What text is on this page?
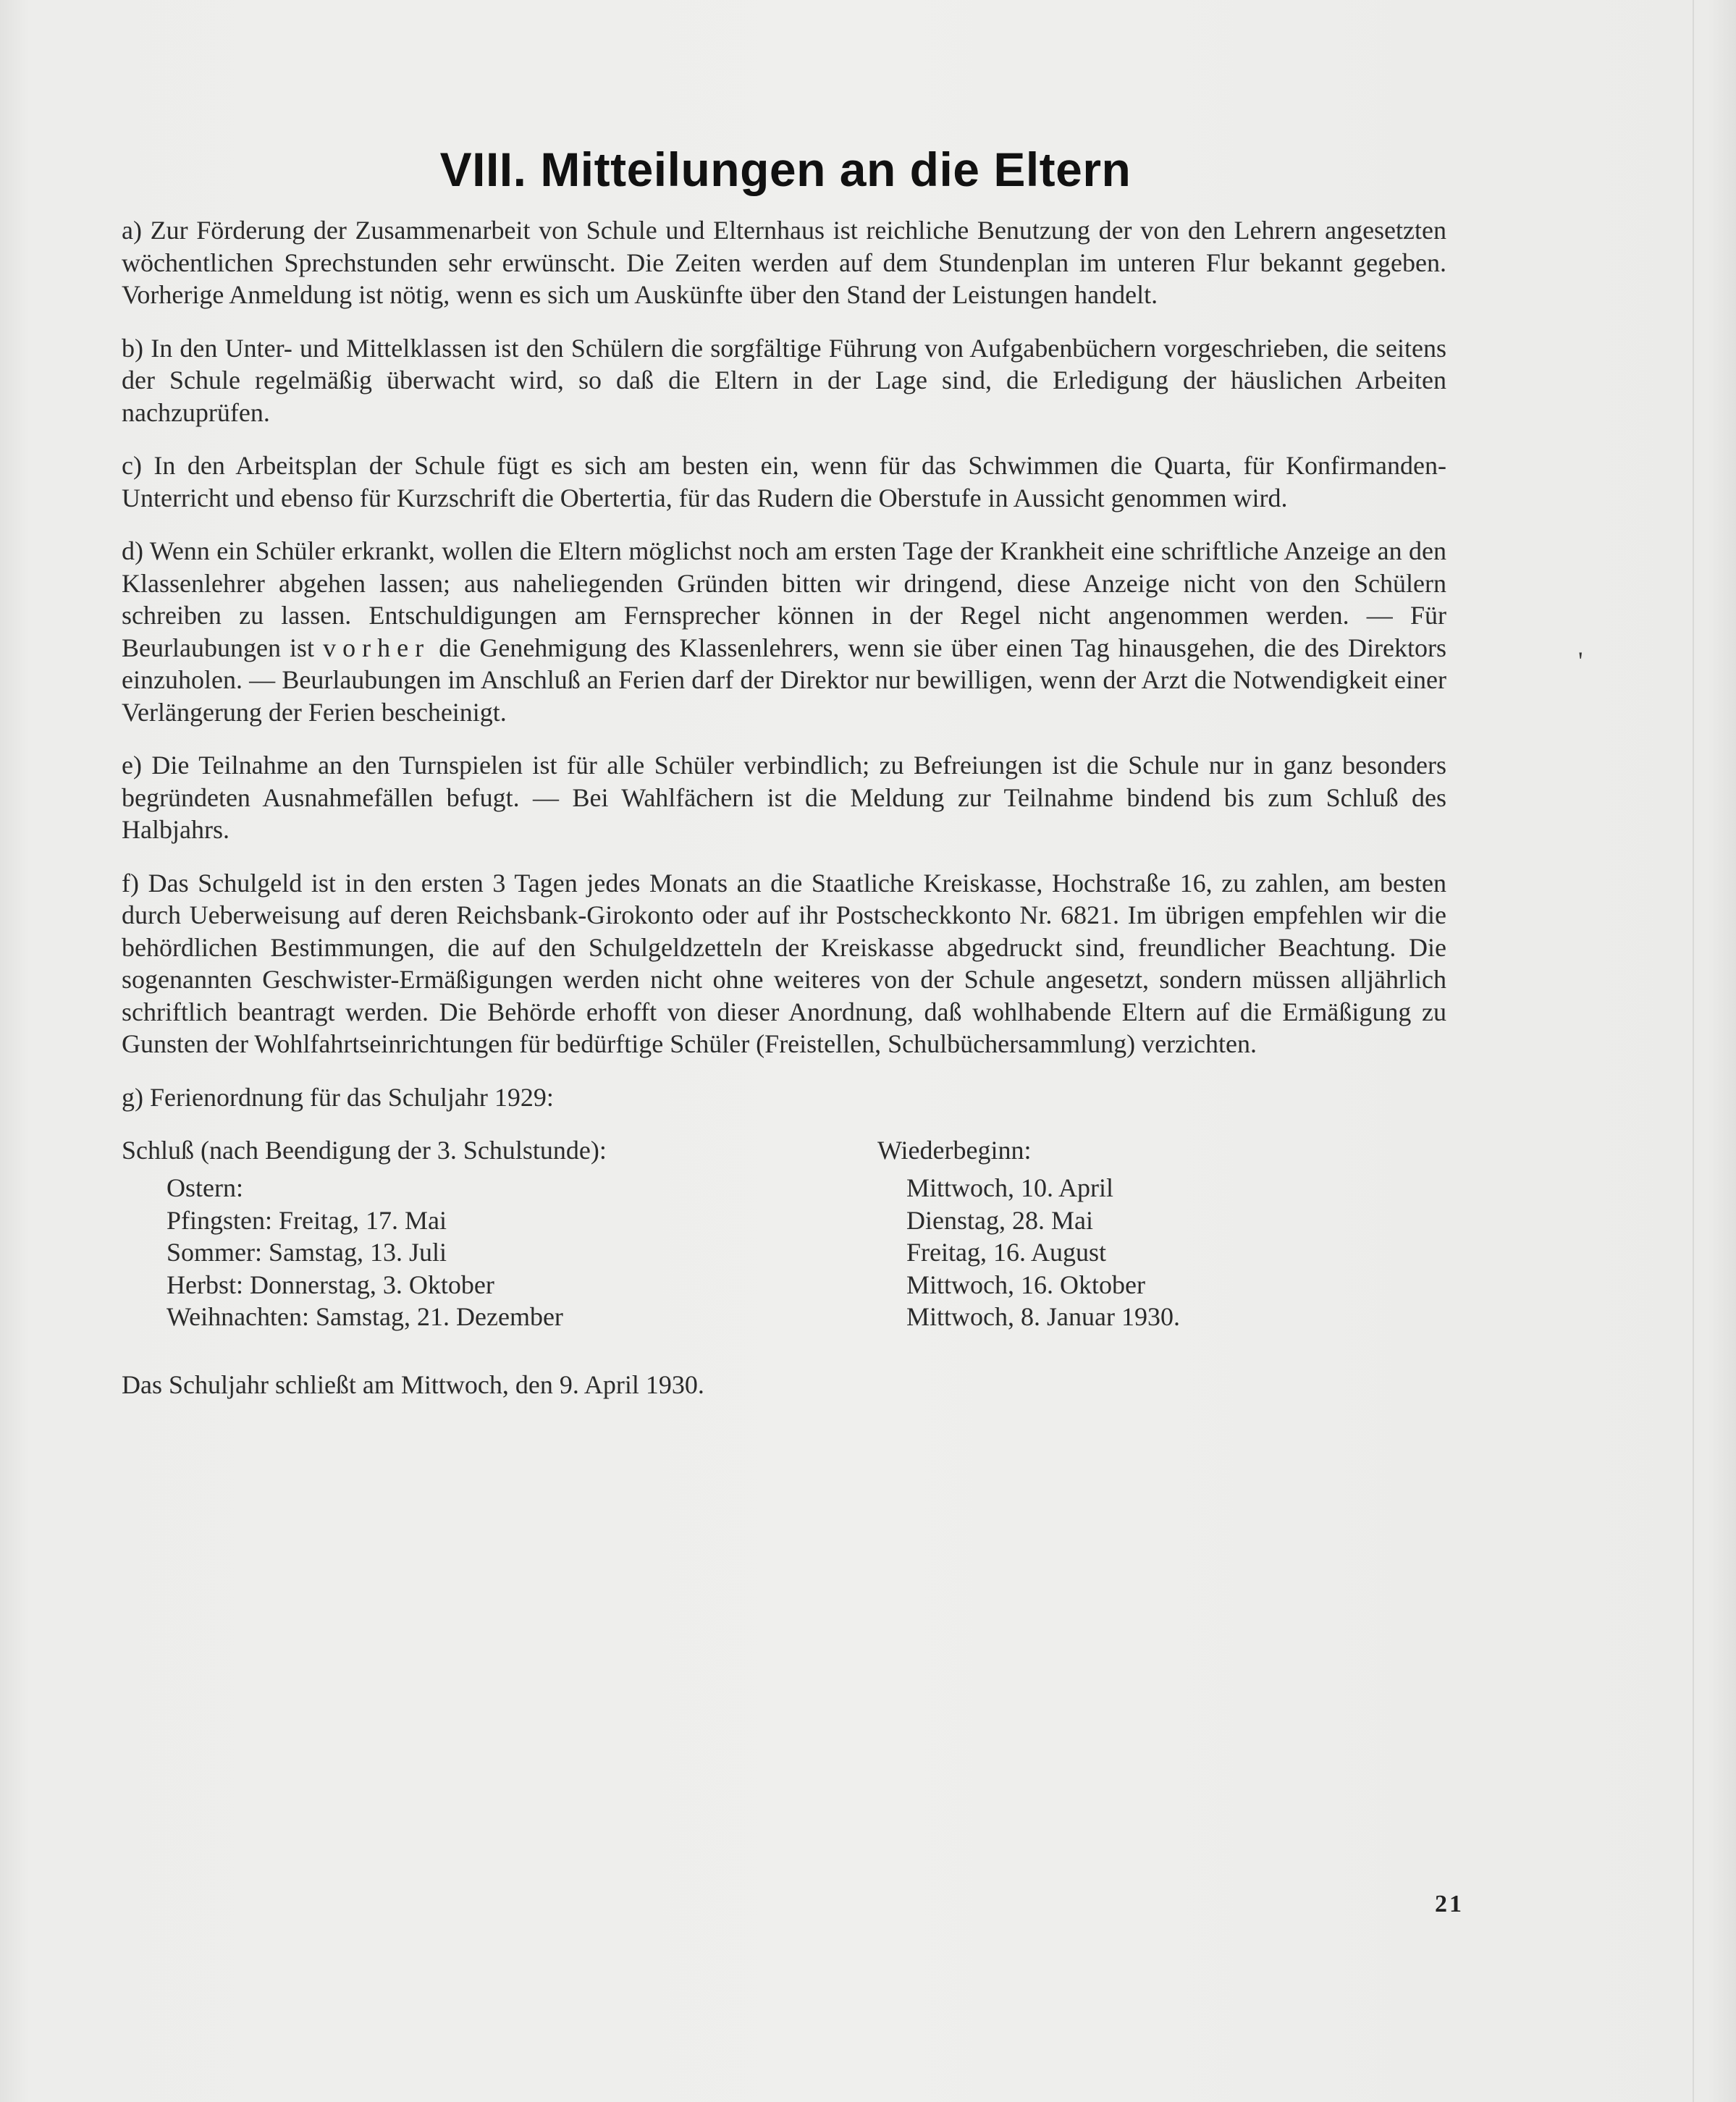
VIII. Mitteilungen an die Eltern

a) Zur Förderung der Zusammenarbeit von Schule und Elternhaus ist reichliche Benutzung der von den Lehrern angesetzten wöchentlichen Sprechstunden sehr erwünscht. Die Zeiten werden auf dem Stundenplan im unteren Flur bekannt gegeben. Vorherige Anmeldung ist nötig, wenn es sich um Auskünfte über den Stand der Leistungen handelt.

b) In den Unter- und Mittelklassen ist den Schülern die sorgfältige Führung von Aufgabenbüchern vorgeschrieben, die seitens der Schule regelmäßig überwacht wird, so daß die Eltern in der Lage sind, die Erledigung der häuslichen Arbeiten nachzuprüfen.

c) In den Arbeitsplan der Schule fügt es sich am besten ein, wenn für das Schwimmen die Quarta, für Konfirmanden-Unterricht und ebenso für Kurzschrift die Obertertia, für das Rudern die Oberstufe in Aussicht genommen wird.

d) Wenn ein Schüler erkrankt, wollen die Eltern möglichst noch am ersten Tage der Krankheit eine schriftliche Anzeige an den Klassenlehrer abgehen lassen; aus naheliegenden Gründen bitten wir dringend, diese Anzeige nicht von den Schülern schreiben zu lassen. Entschuldigungen am Fernsprecher können in der Regel nicht angenommen werden. — Für Beurlaubungen ist vorher die Genehmigung des Klassenlehrers, wenn sie über einen Tag hinausgehen, die des Direktors einzuholen. — Beurlaubungen im Anschluß an Ferien darf der Direktor nur bewilligen, wenn der Arzt die Notwendigkeit einer Verlängerung der Ferien bescheinigt.

e) Die Teilnahme an den Turnspielen ist für alle Schüler verbindlich; zu Befreiungen ist die Schule nur in ganz besonders begründeten Ausnahmefällen befugt. — Bei Wahlfächern ist die Meldung zur Teilnahme bindend bis zum Schluß des Halbjahrs.

f) Das Schulgeld ist in den ersten 3 Tagen jedes Monats an die Staatliche Kreiskasse, Hochstraße 16, zu zahlen, am besten durch Ueberweisung auf deren Reichsbank-Girokonto oder auf ihr Postscheckkonto Nr. 6821. Im übrigen empfehlen wir die behördlichen Bestimmungen, die auf den Schulgeldzetteln der Kreiskasse abgedruckt sind, freundlicher Beachtung. Die sogenannten Geschwister-Ermäßigungen werden nicht ohne weiteres von der Schule angesetzt, sondern müssen alljährlich schriftlich beantragt werden. Die Behörde erhofft von dieser Anordnung, daß wohlhabende Eltern auf die Ermäßigung zu Gunsten der Wohlfahrtseinrichtungen für bedürftige Schüler (Freistellen, Schulbüchersammlung) verzichten.

g) Ferienordnung für das Schuljahr 1929:

Schluß (nach Beendigung der 3. Schulstunde):
Ostern:
Pfingsten: Freitag, 17. Mai
Sommer: Samstag, 13. Juli
Herbst: Donnerstag, 3. Oktober
Weihnachten: Samstag, 21. Dezember
Wiederbeginn:
Mittwoch, 10. April
Dienstag, 28. Mai
Freitag, 16. August
Mittwoch, 16. Oktober
Mittwoch, 8. Januar 1930.

Das Schuljahr schließt am Mittwoch, den 9. April 1930.

'
21
